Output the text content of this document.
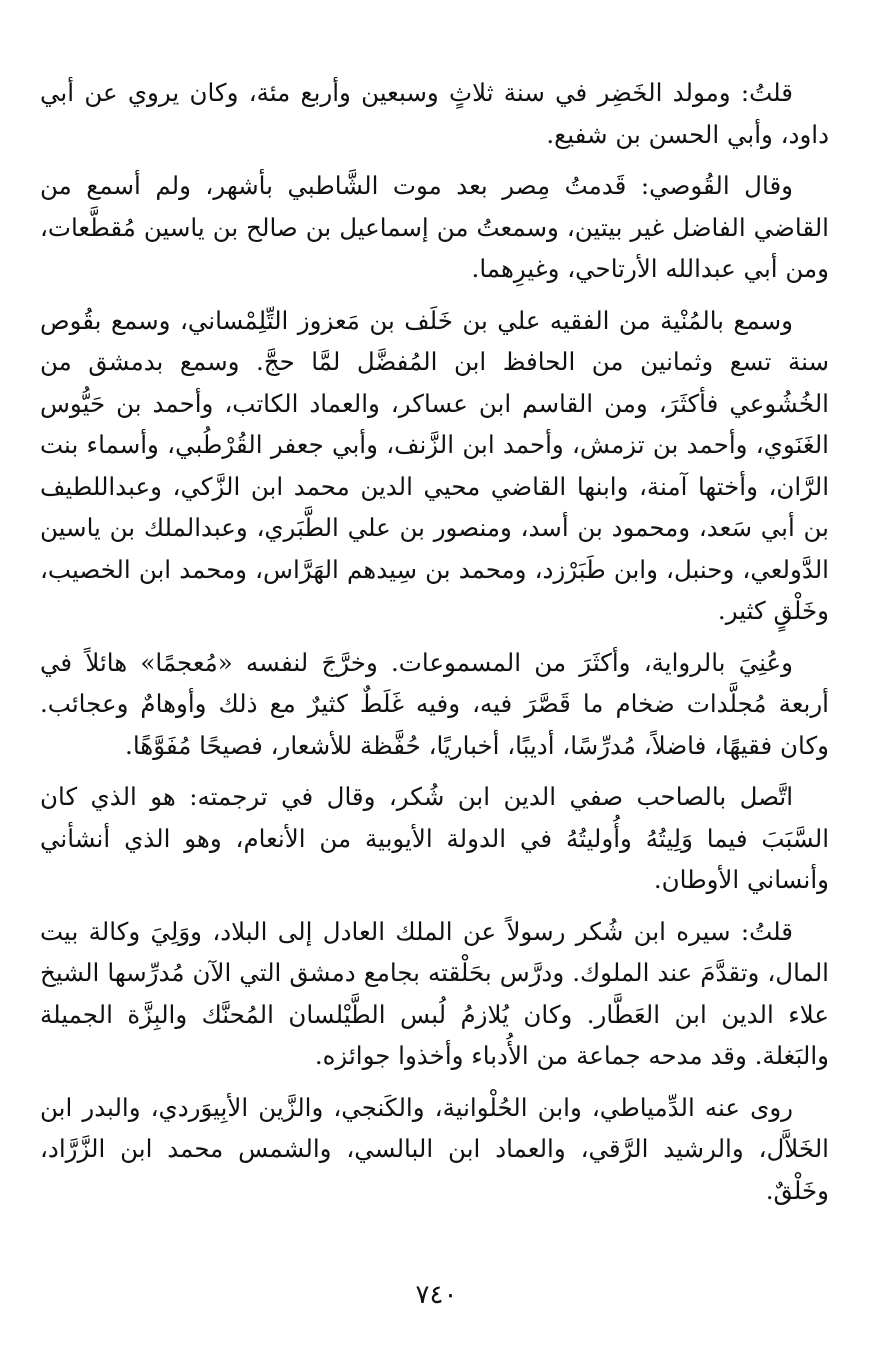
قلتُ: ومولد الخَضِر في سنة ثلاثٍ وسبعين وأربع مئة، وكان يروي عن أبي داود، وأبي الحسن بن شفيع.

وقال القُوصي: قَدمتُ مِصر بعد موت الشَّاطبي بأشهر، ولم أسمع من القاضي الفاضل غير بيتين، وسمعتُ من إسماعيل بن صالح بن ياسين مُقطَّعات، ومن أبي عبدالله الأرتاحي، وغيرِهما.

وسمع بالمُنْية من الفقيه علي بن خَلَف بن مَعزوز التِّلِمْساني، وسمع بقُوص سنة تسع وثمانين من الحافظ ابن المُفضَّل لمَّا حجَّ. وسمع بدمشق من الخُشُوعي فأكثَرَ، ومن القاسم ابن عساكر، والعماد الكاتب، وأحمد بن حَيُّوس الغَنَوي، وأحمد بن تزمش، وأحمد ابن الزَّنف، وأبي جعفر القُرْطُبي، وأسماء بنت الرَّان، وأختها آمنة، وابنها القاضي محيي الدين محمد ابن الزَّكي، وعبداللطيف بن أبي سَعد، ومحمود بن أسد، ومنصور بن علي الطَّبَري، وعبدالملك بن ياسين الدَّولعي، وحنبل، وابن طَبَرْزد، ومحمد بن سِيدهم الهَرَّاس، ومحمد ابن الخصيب، وخَلْقٍ كثير.

وعُنِيَ بالرواية، وأكثَرَ من المسموعات. وخرَّجَ لنفسه «مُعجمًا» هائلاً في أربعة مُجلَّدات ضخام ما قَصَّرَ فيه، وفيه غَلَطٌ كثيرٌ مع ذلك وأوهامٌ وعجائب. وكان فقيهًا، فاضلاً، مُدرِّسًا، أديبًا، أخباريًا، حُفَّظة للأشعار، فصيحًا مُفَوَّهًا.

اتَّصل بالصاحب صفي الدين ابن شُكر، وقال في ترجمته: هو الذي كان السَّبَبَ فيما وَلِيتُهُ وأُوليتُهُ في الدولة الأيوبية من الأنعام، وهو الذي أنشأني وأنساني الأوطان.

قلتُ: سيره ابن شُكر رسولاً عن الملك العادل إلى البلاد، ووَلِيَ وكالة بيت المال، وتقدَّمَ عند الملوك. ودرَّس بحَلْقته بجامع دمشق التي الآن مُدرِّسها الشيخ علاء الدين ابن العَطَّار. وكان يُلازمُ لُبس الطَّيْلسان المُحنَّك والبِزَّة الجميلة والبَغلة. وقد مدحه جماعة من الأُدباء وأخذوا جوائزه.

روى عنه الدِّمياطي، وابن الحُلْوانية، والكَنجي، والزَّين الأبِيوَردي، والبدر ابن الخَلاَّل، والرشيد الرَّقي، والعماد ابن البالسي، والشمس محمد ابن الزَّرَّاد، وخَلْقٌ.

٧٤٠
